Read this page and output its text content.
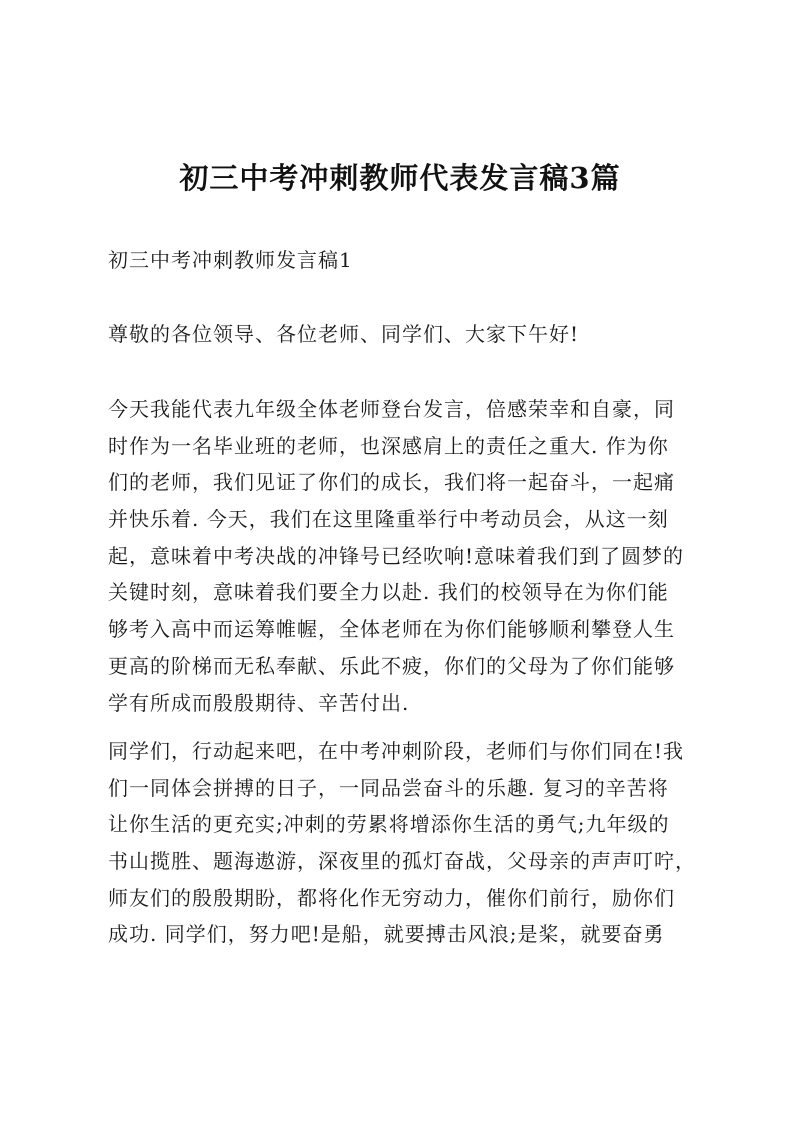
初三中考冲刺教师代表发言稿3篇
初三中考冲刺教师发言稿1
尊敬的各位领导、各位老师、同学们、大家下午好!
今天我能代表九年级全体老师登台发言，倍感荣幸和自豪，同
时作为一名毕业班的老师，也深感肩上的责任之重大. 作为你
们的老师，我们见证了你们的成长，我们将一起奋斗，一起痛
并快乐着. 今天，我们在这里隆重举行中考动员会，从这一刻
起，意味着中考决战的冲锋号已经吹响!意味着我们到了圆梦的
关键时刻，意味着我们要全力以赴. 我们的校领导在为你们能
够考入高中而运筹帷幄，全体老师在为你们能够顺利攀登人生
更高的阶梯而无私奉献、乐此不疲，你们的父母为了你们能够
学有所成而殷殷期待、辛苦付出.
同学们，行动起来吧，在中考冲刺阶段，老师们与你们同在!我
们一同体会拼搏的日子，一同品尝奋斗的乐趣. 复习的辛苦将
让你生活的更充实;冲刺的劳累将增添你生活的勇气;九年级的
书山揽胜、题海遨游，深夜里的孤灯奋战，父母亲的声声叮咛，
师友们的殷殷期盼，都将化作无穷动力，催你们前行，励你们
成功. 同学们，努力吧!是船，就要搏击风浪;是桨，就要奋勇
